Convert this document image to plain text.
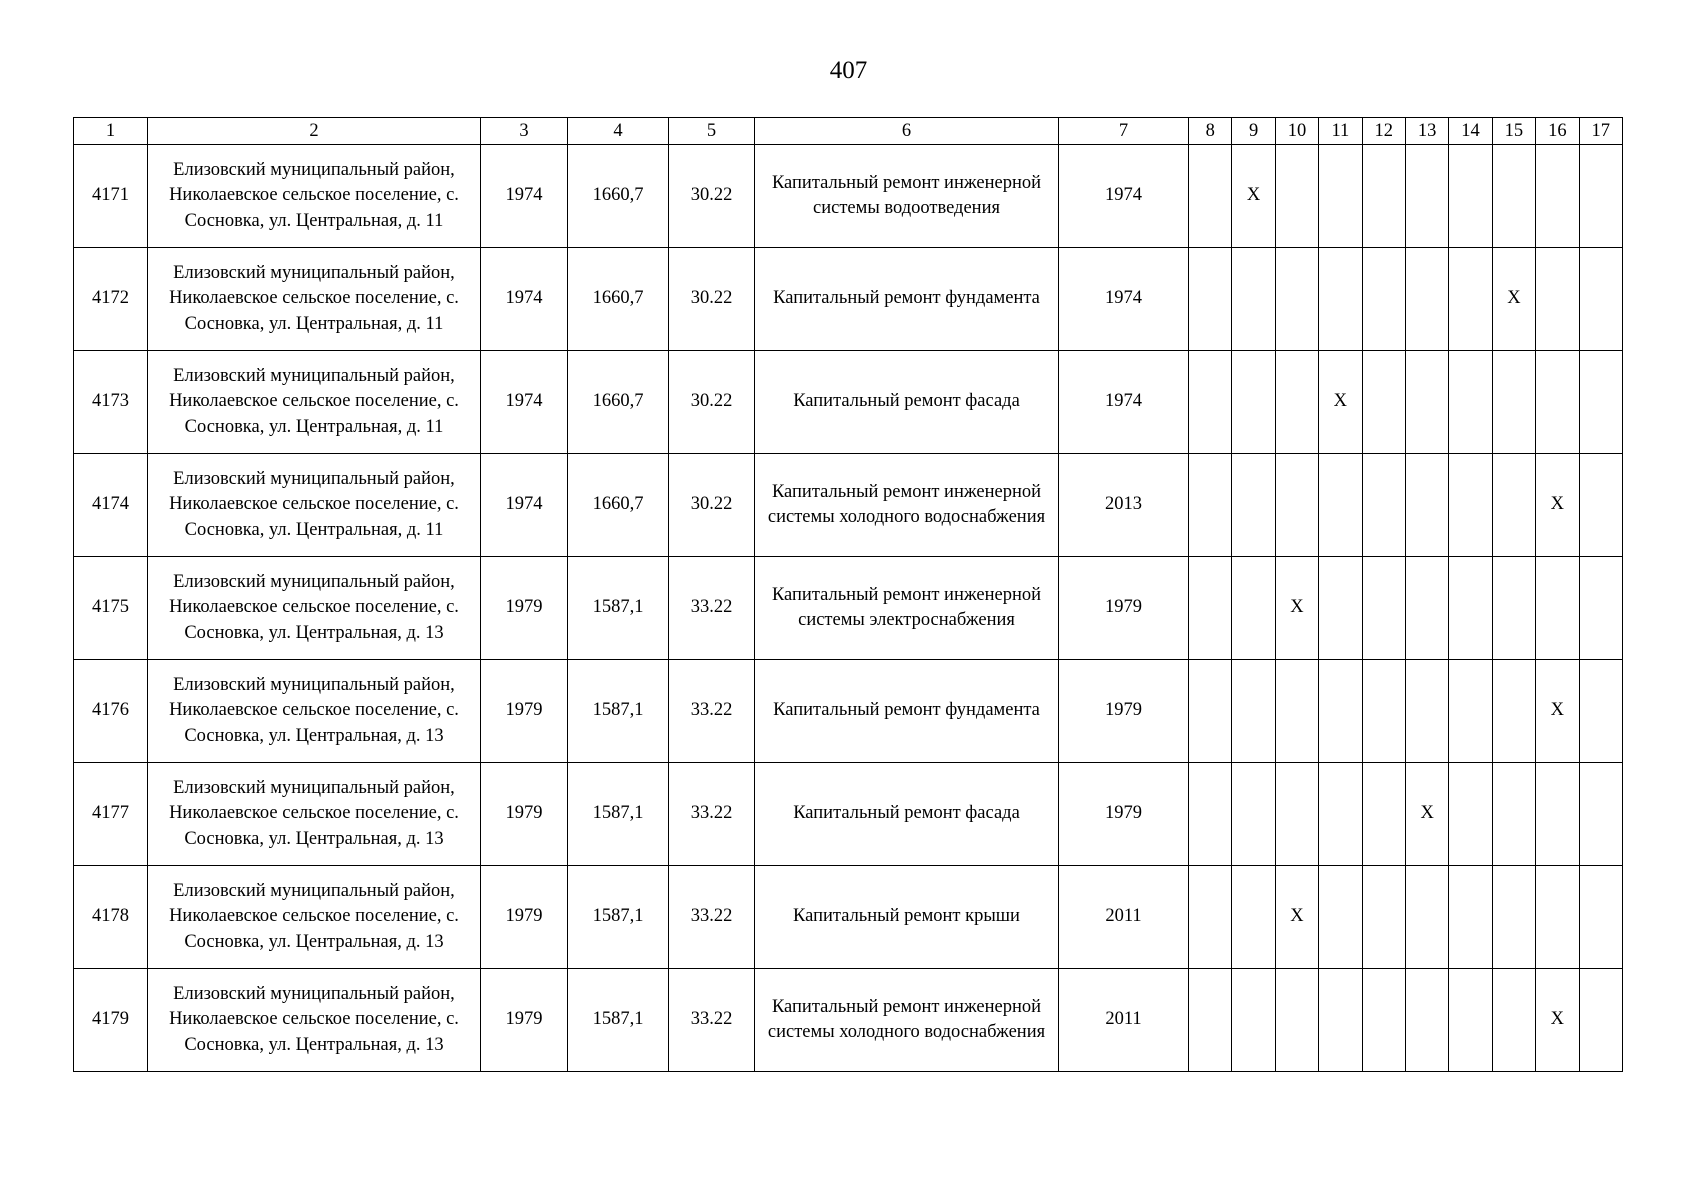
407
1	2	3	4	5	6	7	8	9	10	11	12	13	14	15	16	17
4171	Елизовский муниципальный район, Николаевское сельское поселение, с. Сосновка, ул. Центральная, д. 11	1974	1660,7	30.22	Капитальный ремонт инженерной системы водоотведения	1974		X								
4172	Елизовский муниципальный район, Николаевское сельское поселение, с. Сосновка, ул. Центральная, д. 11	1974	1660,7	30.22	Капитальный ремонт фундамента	1974								X		
4173	Елизовский муниципальный район, Николаевское сельское поселение, с. Сосновка, ул. Центральная, д. 11	1974	1660,7	30.22	Капитальный ремонт фасада	1974				X						
4174	Елизовский муниципальный район, Николаевское сельское поселение, с. Сосновка, ул. Центральная, д. 11	1974	1660,7	30.22	Капитальный ремонт инженерной системы холодного водоснабжения	2013									X	
4175	Елизовский муниципальный район, Николаевское сельское поселение, с. Сосновка, ул. Центральная, д. 13	1979	1587,1	33.22	Капитальный ремонт инженерной системы электроснабжения	1979			X							
4176	Елизовский муниципальный район, Николаевское сельское поселение, с. Сосновка, ул. Центральная, д. 13	1979	1587,1	33.22	Капитальный ремонт фундамента	1979									X	
4177	Елизовский муниципальный район, Николаевское сельское поселение, с. Сосновка, ул. Центральная, д. 13	1979	1587,1	33.22	Капитальный ремонт фасада	1979						X				
4178	Елизовский муниципальный район, Николаевское сельское поселение, с. Сосновка, ул. Центральная, д. 13	1979	1587,1	33.22	Капитальный ремонт крыши	2011			X							
4179	Елизовский муниципальный район, Николаевское сельское поселение, с. Сосновка, ул. Центральная, д. 13	1979	1587,1	33.22	Капитальный ремонт инженерной системы холодного водоснабжения	2011									X	
